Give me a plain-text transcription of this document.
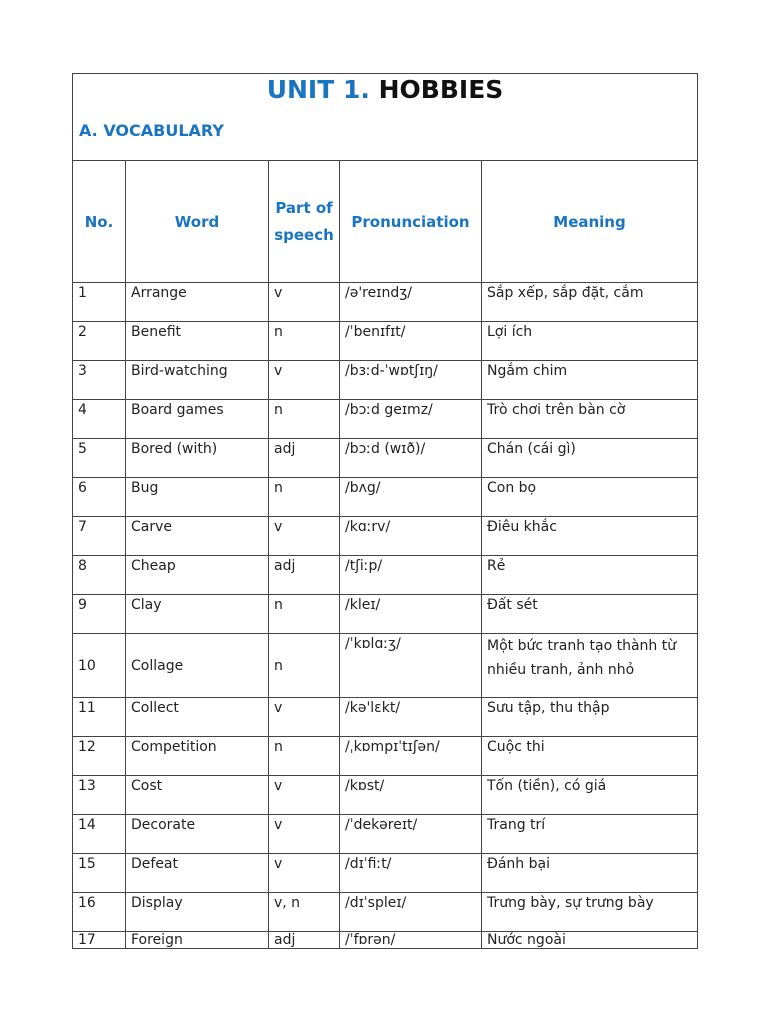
UNIT 1. HOBBIES
A. VOCABULARY				

No.	Word	Part of speech	Pronunciation	Meaning

1	Arrange	v	/ə'reɪndʒ/	Sắp xếp, sắp đặt, cắm

2	Benefit	n	/ˈbenɪfɪt/	Lợi ích

3	Bird-watching	v	/bɜːd-ˈwɒtʃɪŋ/	Ngắm chim

4	Board games	n	/bɔːd geɪmz/	Trò chơi trên bàn cờ

5	Bored (with)	adj	/bɔːd (wɪð)/	Chán (cái gì)

6	Bug	n	/bʌg/	Con bọ

7	Carve	v	/kɑːrv/	Điêu khắc

8	Cheap	adj	/tʃiːp/	Rẻ

9	Clay	n	/kleɪ/	Đất sét

10	Collage	n	/ˈkɒlɑːʒ/	Một bức tranh tạo thành từ nhiều tranh, ảnh nhỏ

11	Collect	v	/kə'lɛkt/	Sưu tập, thu thập

12	Competition	n	/ˌkɒmpɪˈtɪʃən/	Cuộc thi

13	Cost	v	/kɒst/	Tốn (tiền), có giá

14	Decorate	v	/ˈdekəreɪt/	Trang trí

15	Defeat	v	/dɪˈfiːt/	Đánh bại

16	Display	v, n	/dɪˈspleɪ/	Trưng bày, sự trưng bày

17	Foreign	adj	/ˈfɒrən/	Nước ngoài
